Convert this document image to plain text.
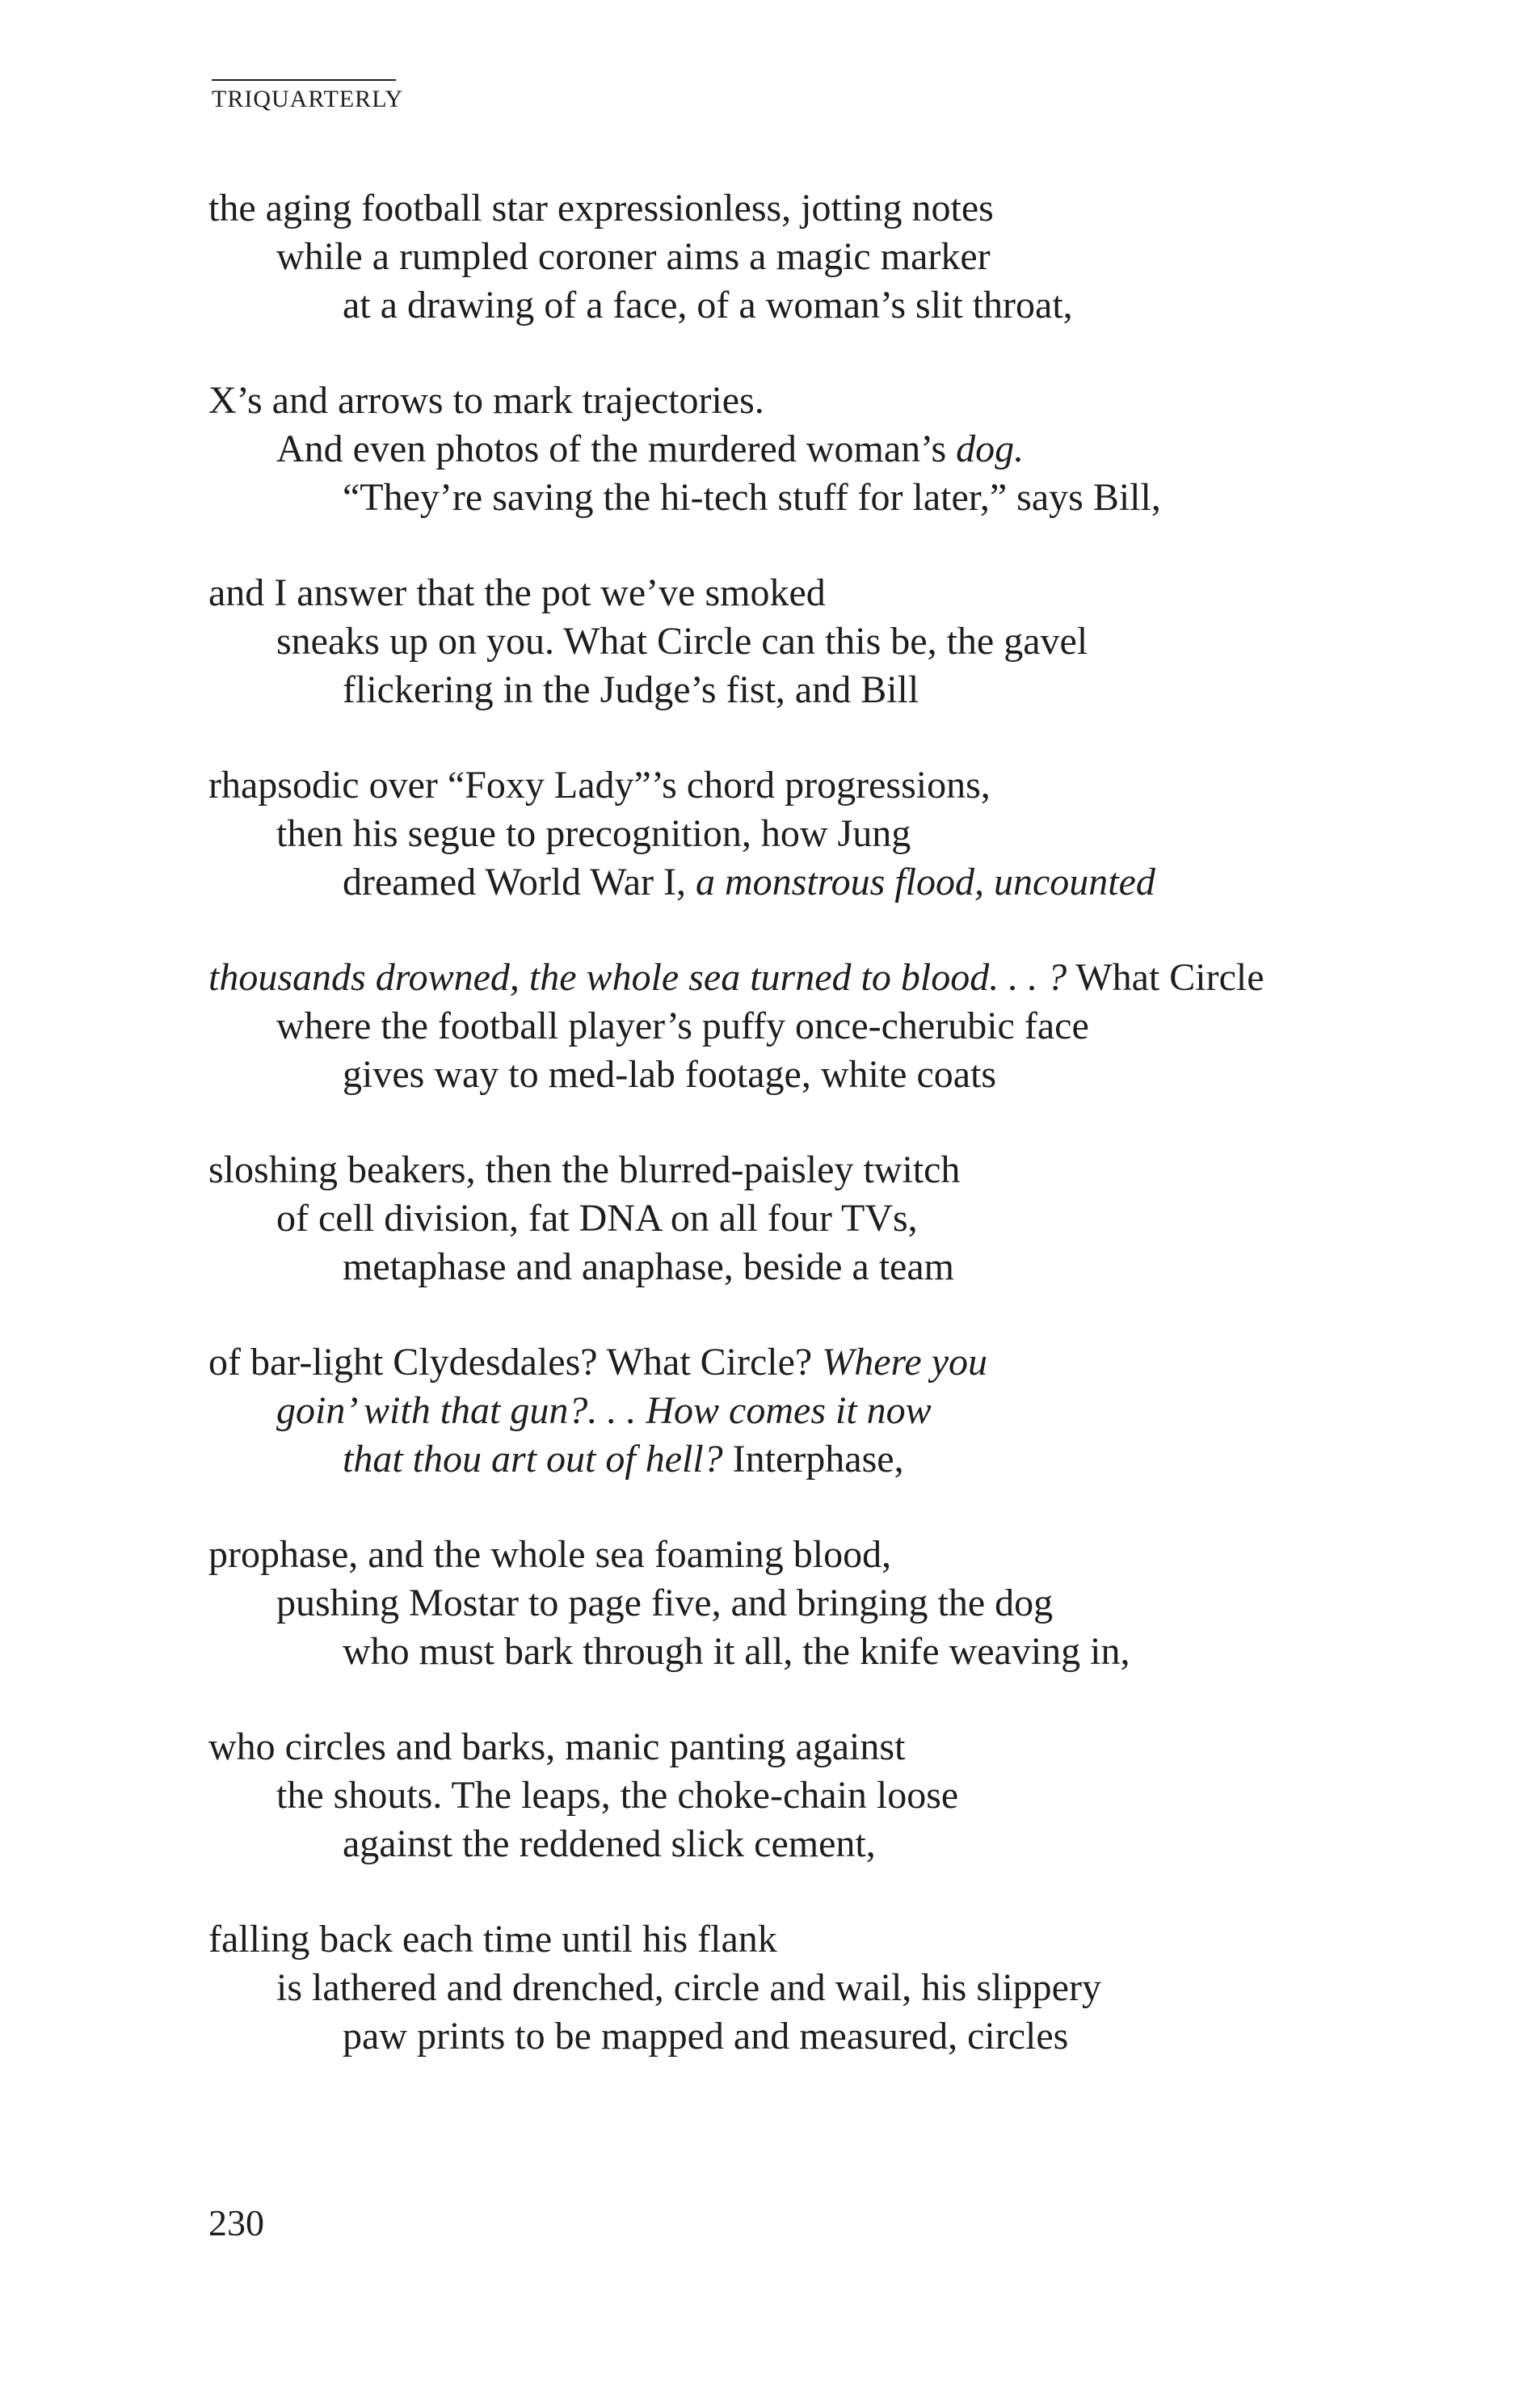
TRIQUARTERLY
the aging football star expressionless, jotting notes
while a rumpled coroner aims a magic marker
at a drawing of a face, of a woman’s slit throat,
X’s and arrows to mark trajectories.
And even photos of the murdered woman’s dog.
“They’re saving the hi-tech stuff for later,” says Bill,
and I answer that the pot we’ve smoked
sneaks up on you. What Circle can this be, the gavel
flickering in the Judge’s fist, and Bill
rhapsodic over “Foxy Lady”’s chord progressions,
then his segue to precognition, how Jung
dreamed World War I, a monstrous flood, uncounted
thousands drowned, the whole sea turned to blood. . . ? What Circle
where the football player’s puffy once-cherubic face
gives way to med-lab footage, white coats
sloshing beakers, then the blurred-paisley twitch
of cell division, fat DNA on all four TVs,
metaphase and anaphase, beside a team
of bar-light Clydesdales? What Circle? Where you
goin’ with that gun?. . . How comes it now
that thou art out of hell? Interphase,
prophase, and the whole sea foaming blood,
pushing Mostar to page five, and bringing the dog
who must bark through it all, the knife weaving in,
who circles and barks, manic panting against
the shouts. The leaps, the choke-chain loose
against the reddened slick cement,
falling back each time until his flank
is lathered and drenched, circle and wail, his slippery
paw prints to be mapped and measured, circles
230
